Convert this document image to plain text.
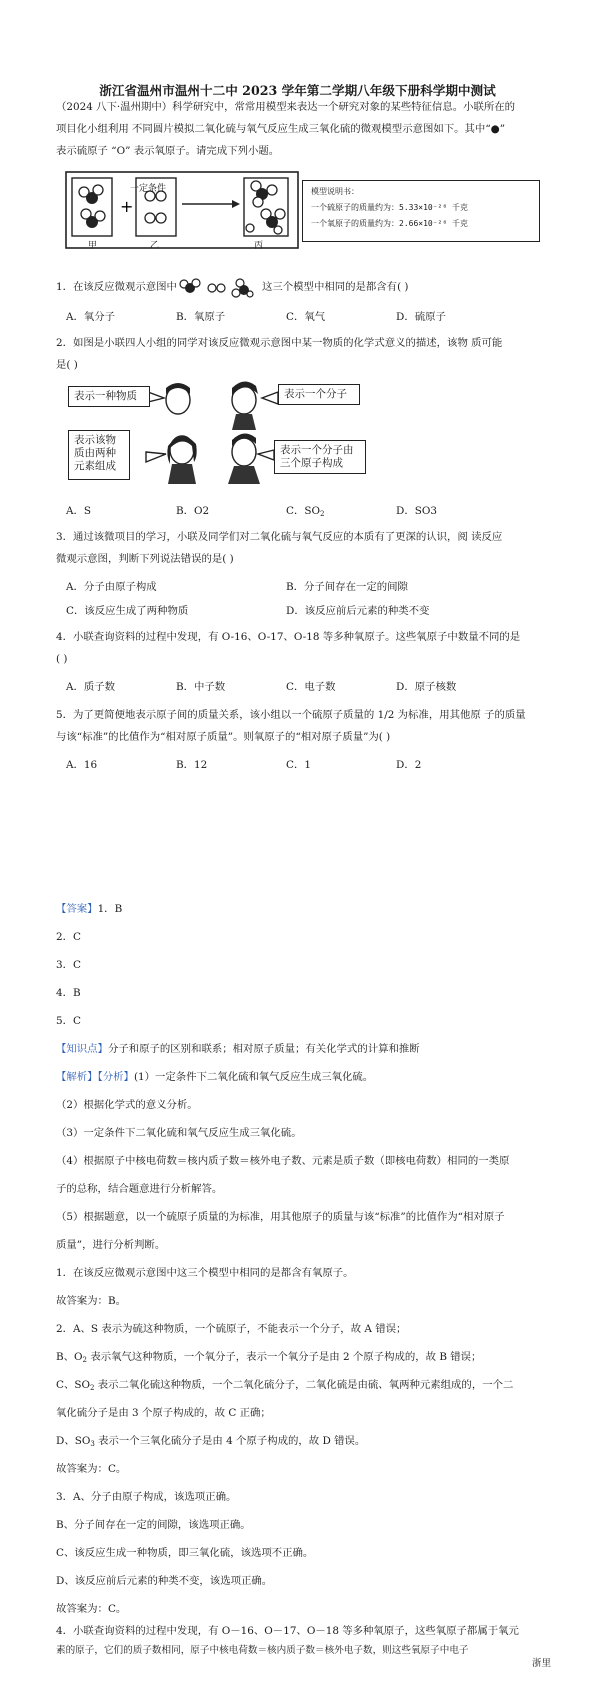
浙江省温州市温州十二中 2023 学年第二学期八年级下册科学期中测试
（2024 八下·温州期中）科学研究中，常常用模型来表达一个研究对象的某些特征信息。小联所在的
项目化小组利用 不同圆片模拟二氧化硫与氧气反应生成三氧化硫的微观模型示意图如下。其中“●”
表示硫原子 “O” 表示氧原子。请完成下列小题。
+
一定条件
甲	乙	丙
模型说明书：
一个硫原子的质量约为：5.33×10⁻²⁶ 千克
一个氧原子的质量约为：2.66×10⁻²⁶ 千克
1．在该反应微观示意图中	这三个模型中相同的是都含有( )
A．氧分子	B．氧原子	C．氧气	D．硫原子
2．如图是小联四人小组的同学对该反应微观示意图中某一物质的化学式意义的描述，该物 质可能
是( )
表示一种物质	表示一个分子
表示该物质由两种元素组成
表示一个分子由三个原子构成
A．S	B．O2	C．$SO_2$	D．SO3
3．通过该微项目的学习，小联及同学们对二氧化硫与氧气反应的本质有了更深的认识，阅 读反应
微观示意图，判断下列说法错误的是( )
A．分子由原子构成	B．分子间存在一定的间隙
C．该反应生成了两种物质	D．该反应前后元素的种类不变
4．小联查询资料的过程中发现，有 O-16、O-17、O-18 等多种氧原子。这些氧原子中数量不同的是
( )
A．质子数	B．中子数	C．电子数	D．原子核数
5．为了更简便地表示原子间的质量关系，该小组以一个硫原子质量的 1/2 为标准，用其他原 子的质量
与该“标准”的比值作为“相对原子质量”。则氧原子的“相对原子质量”为( )
A．16	B．12	C．1	D．2
【答案】1．B
2．C
3．C
4．B
5．C
【知识点】分子和原子的区别和联系；相对原子质量；有关化学式的计算和推断
【解析】【分析】(1）一定条件下二氧化硫和氧气反应生成三氧化硫。
（2）根据化学式的意义分析。
（3）一定条件下二氧化硫和氧气反应生成三氧化硫。
（4）根据原子中核电荷数＝核内质子数＝核外电子数、元素是质子数（即核电荷数）相同的一类原
子的总称，结合题意进行分析解答。
（5）根据题意，以一个硫原子质量的为标准，用其他原子的质量与该“标准”的比值作为“相对原子
质量”，进行分析判断。
1．在该反应微观示意图中这三个模型中相同的是都含有氧原子。
故答案为：B。
2．A、S 表示为硫这种物质，一个硫原子，不能表示一个分子，故 A 错误；
B、$O_2$ 表示氧气这种物质，一个氧分子，表示一个氧分子是由 2 个原子构成的，故 B 错误；
C、$SO_2$ 表示二氧化硫这种物质，一个二氧化硫分子，二氧化硫是由硫、氧两种元素组成的，一个二
氧化硫分子是由 3 个原子构成的，故 C 正确；
D、$SO_3$ 表示一个三氧化硫分子是由 4 个原子构成的，故 D 错误。
故答案为：C。
3．A、分子由原子构成，该选项正确。
B、分子间存在一定的间隙，该选项正确。
C、该反应生成一种物质，即三氧化硫，该选项不正确。
D、该反应前后元素的种类不变，该选项正确。
故答案为：C。
4．小联查询资料的过程中发现，有 O－16、O－17、O－18 等多种氧原子，这些氧原子都属于氧元
素的原子，它们的质子数相同，原子中核电荷数＝核内质子数＝核外电子数，则这些氧原子中电子
浙里
